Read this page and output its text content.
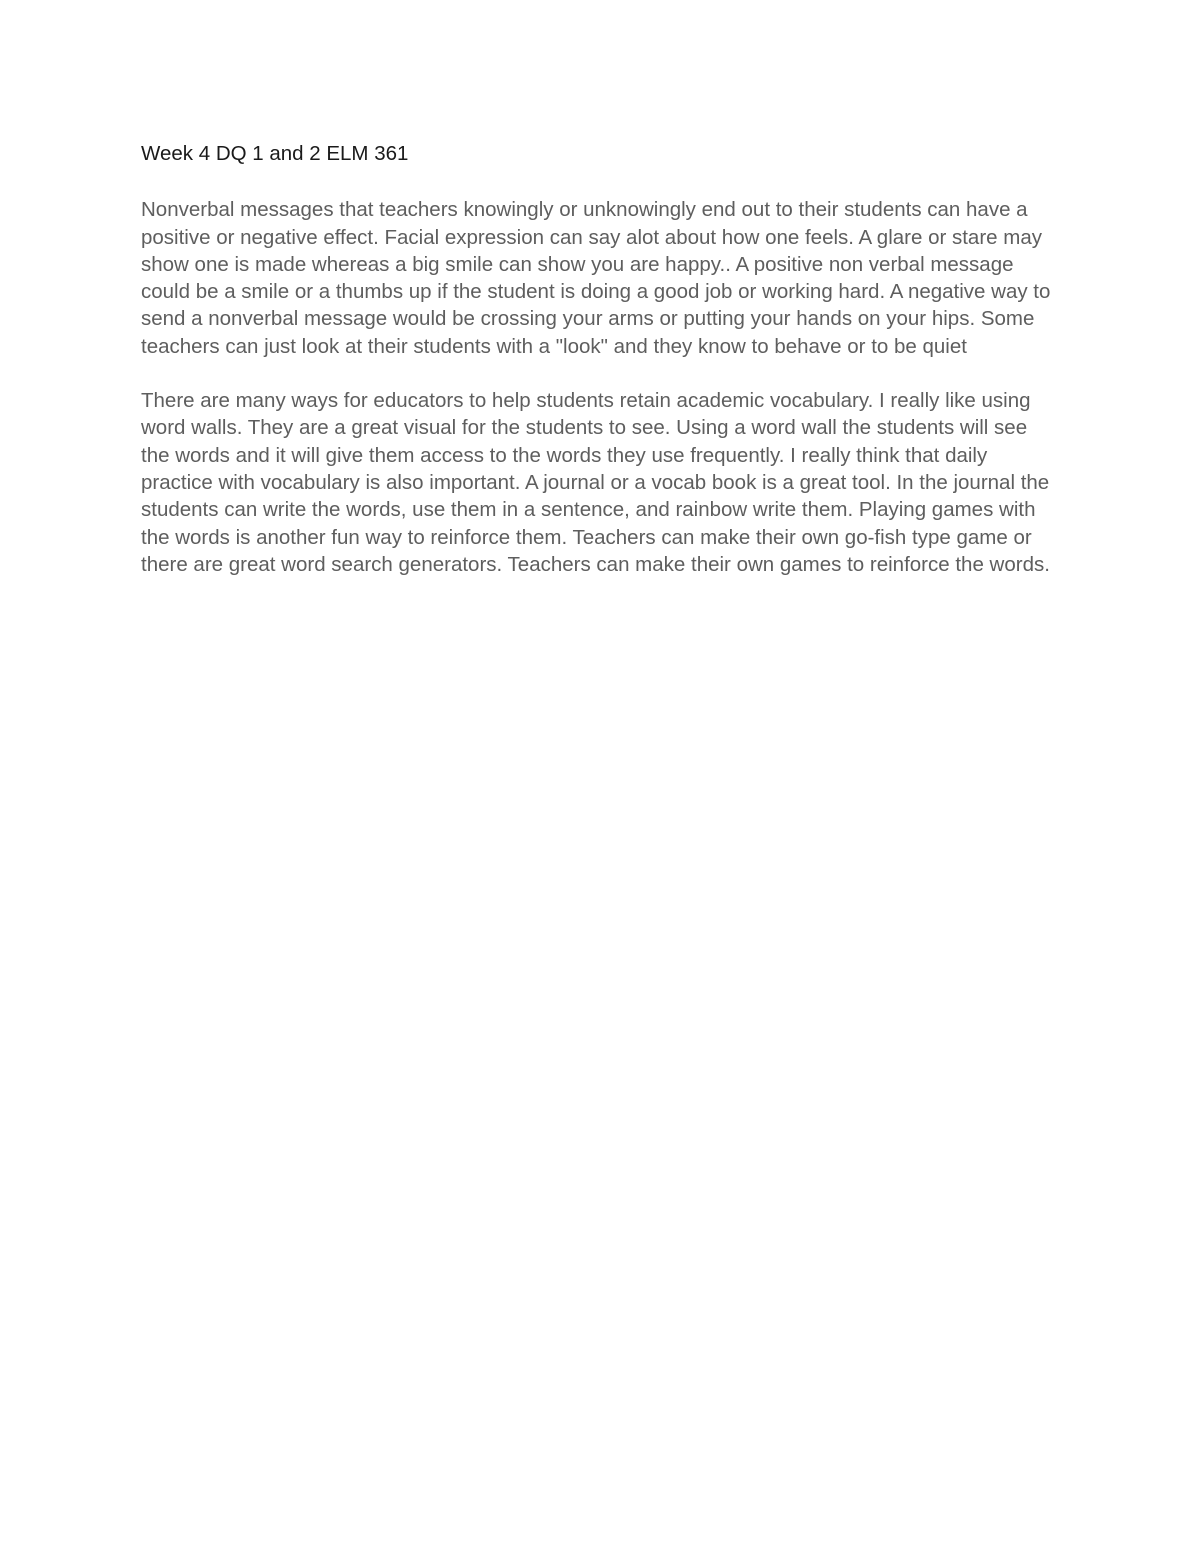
Week 4 DQ 1 and 2 ELM 361

Nonverbal messages that teachers knowingly or unknowingly end out to their students can have a
positive or negative effect. Facial expression can say alot about how one feels. A glare or stare may
show one is made whereas a big smile can show you are happy.. A positive non verbal message
could be a smile or a thumbs up if the student is doing a good job or working hard. A negative way to
send a nonverbal message would be crossing your arms or putting your hands on your hips. Some
teachers can just look at their students with a "look" and they know to behave or to be quiet

There are many ways for educators to help students retain academic vocabulary. I really like using
word walls. They are a great visual for the students to see. Using a word wall the students will see
the words and it will give them access to the words they use frequently. I really think that daily
practice with vocabulary is also important. A journal or a vocab book is a great tool. In the journal the
students can write the words, use them in a sentence, and rainbow write them. Playing games with
the words is another fun way to reinforce them. Teachers can make their own go-fish type game or
there are great word search generators. Teachers can make their own games to reinforce the words.
